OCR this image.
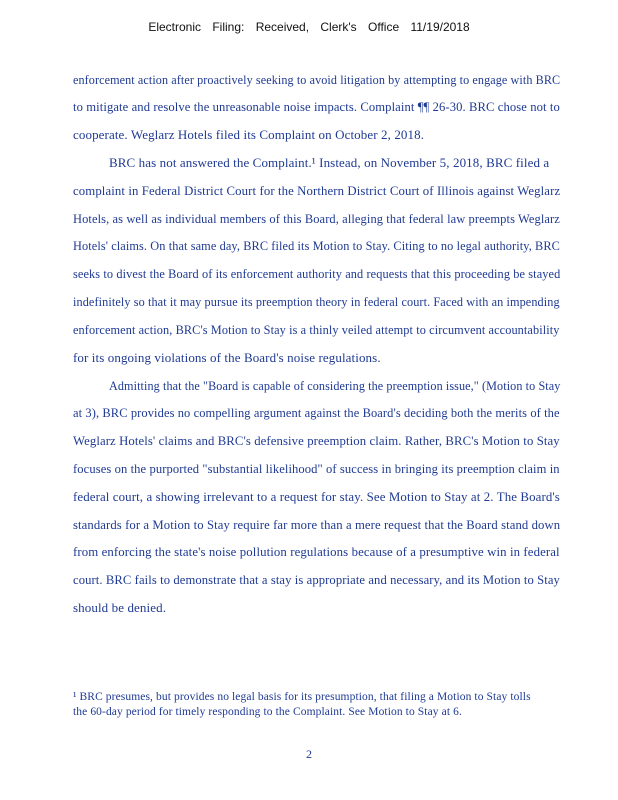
Electronic Filing: Received, Clerk's Office 11/19/2018
enforcement action after proactively seeking to avoid litigation by attempting to engage with BRC
to mitigate and resolve the unreasonable noise impacts. Complaint ¶¶ 26-30. BRC chose not to
cooperate. Weglarz Hotels filed its Complaint on October 2, 2018.
BRC has not answered the Complaint.¹ Instead, on November 5, 2018, BRC filed a
complaint in Federal District Court for the Northern District Court of Illinois against Weglarz
Hotels, as well as individual members of this Board, alleging that federal law preempts Weglarz
Hotels' claims. On that same day, BRC filed its Motion to Stay. Citing to no legal authority, BRC
seeks to divest the Board of its enforcement authority and requests that this proceeding be stayed
indefinitely so that it may pursue its preemption theory in federal court. Faced with an impending
enforcement action, BRC's Motion to Stay is a thinly veiled attempt to circumvent accountability
for its ongoing violations of the Board's noise regulations.
Admitting that the "Board is capable of considering the preemption issue," (Motion to Stay
at 3), BRC provides no compelling argument against the Board's deciding both the merits of the
Weglarz Hotels' claims and BRC's defensive preemption claim. Rather, BRC's Motion to Stay
focuses on the purported "substantial likelihood" of success in bringing its preemption claim in
federal court, a showing irrelevant to a request for stay. See Motion to Stay at 2. The Board's
standards for a Motion to Stay require far more than a mere request that the Board stand down
from enforcing the state's noise pollution regulations because of a presumptive win in federal
court. BRC fails to demonstrate that a stay is appropriate and necessary, and its Motion to Stay
should be denied.
¹ BRC presumes, but provides no legal basis for its presumption, that filing a Motion to Stay tolls
the 60-day period for timely responding to the Complaint. See Motion to Stay at 6.
2
